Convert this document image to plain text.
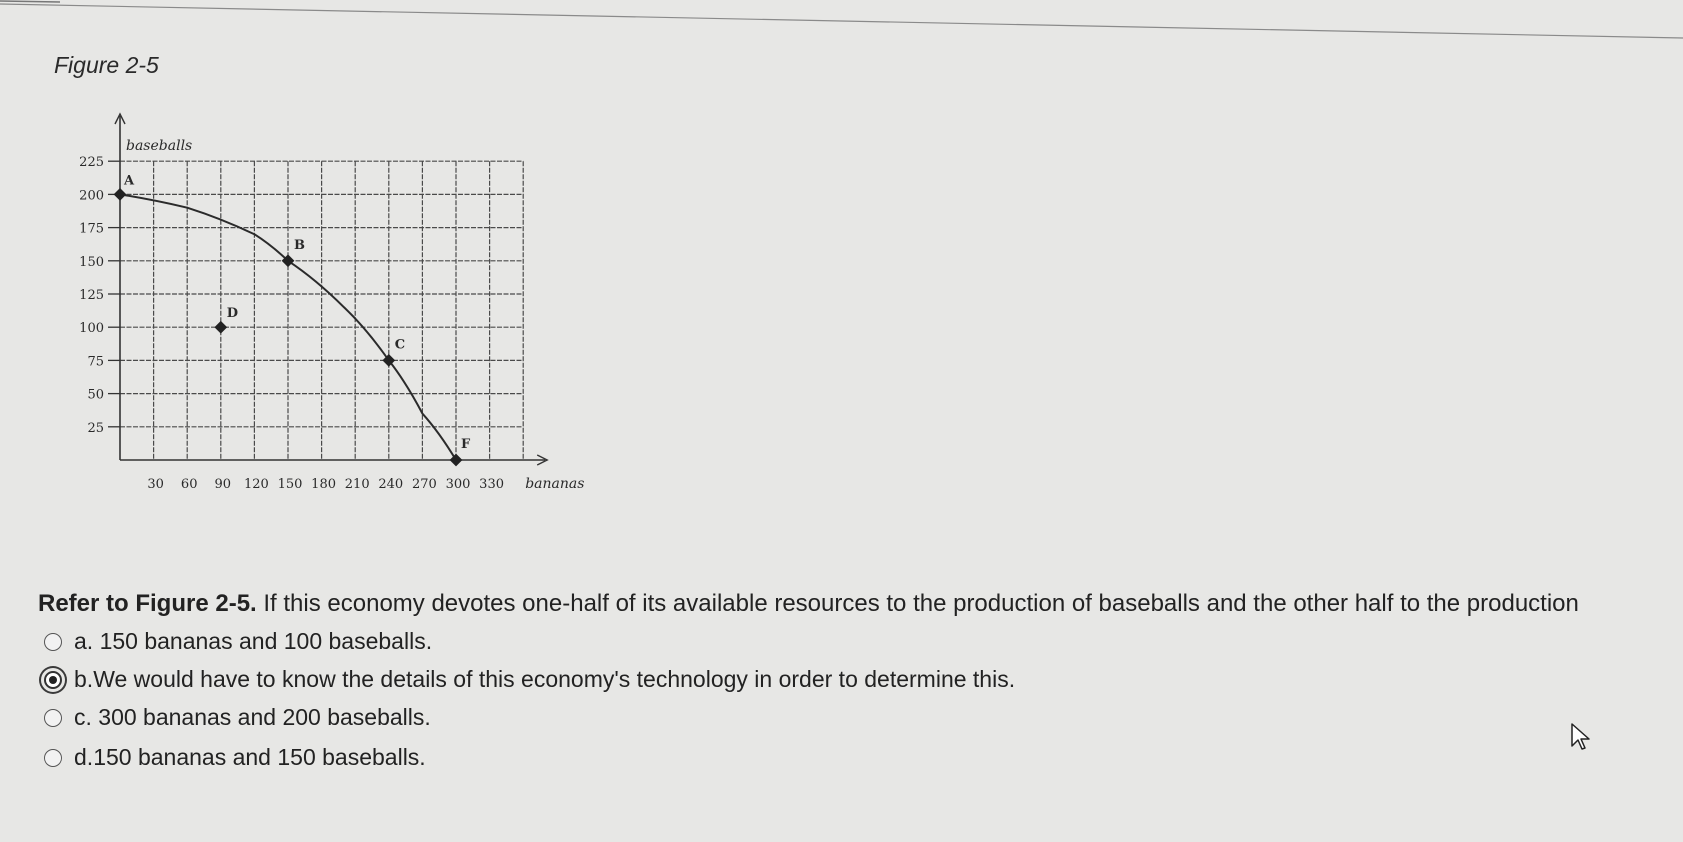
Figure 2-5
25
50
75
100
125
150
175
200
225
30 60 90 120 150 180 210 240 270 300 330
baseballs
bananas
A
B
C
D
F
Refer to Figure 2-5. If this economy devotes one-half of its available resources to the production of baseballs and the other half to the production
a.
150 bananas and 100 baseballs.
b. We would have to know the details of this economy's technology in order to determine this.
c.
300 bananas and 200 baseballs.
d. 150 bananas and 150 baseballs.
